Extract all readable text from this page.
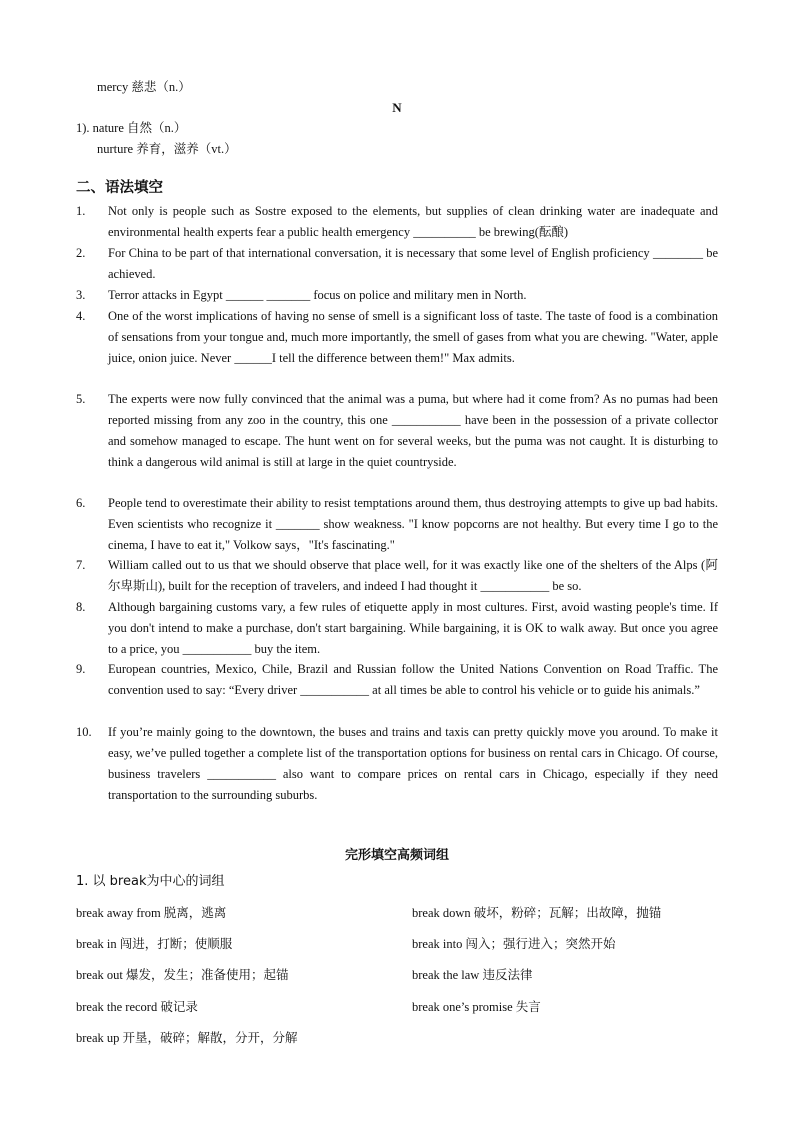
mercy 慈悲（n.）
N
1). nature 自然（n.）
nurture 养育，滋养（vt.）
二、语法填空
1. Not only is people such as Sostre exposed to the elements, but supplies of clean drinking water are inadequate and environmental health experts fear a public health emergency __________ be brewing(酝酿)
2. For China to be part of that international conversation, it is necessary that some level of English proficiency ________ be achieved.
3. Terror attacks in Egypt ______ _______ focus on police and military men in North.
4. One of the worst implications of having no sense of smell is a significant loss of taste. The taste of food is a combination of sensations from your tongue and, much more importantly, the smell of gases from what you are chewing. "Water, apple juice, onion juice. Never ______I tell the difference between them!" Max admits.
5. The experts were now fully convinced that the animal was a puma, but where had it come from? As no pumas had been reported missing from any zoo in the country, this one ___________ have been in the possession of a private collector and somehow managed to escape. The hunt went on for several weeks, but the puma was not caught. It is disturbing to think a dangerous wild animal is still at large in the quiet countryside.
6. People tend to overestimate their ability to resist temptations around them, thus destroying attempts to give up bad habits. Even scientists who recognize it _______ show weakness. "I know popcorns are not healthy. But every time I go to the cinema, I have to eat it," Volkow says，"It's fascinating."
7. William called out to us that we should observe that place well, for it was exactly like one of the shelters of the Alps (阿尔卑斯山), built for the reception of travelers, and indeed I had thought it ___________ be so.
8. Although bargaining customs vary, a few rules of etiquette apply in most cultures. First, avoid wasting people's time. If you don't intend to make a purchase, don't start bargaining. While bargaining, it is OK to walk away. But once you agree to a price, you ___________ buy the item.
9. European countries, Mexico, Chile, Brazil and Russian follow the United Nations Convention on Road Traffic. The convention used to say: “Every driver ___________ at all times be able to control his vehicle or to guide his animals.”
10. If you’re mainly going to the downtown, the buses and trains and taxis can pretty quickly move you around. To make it easy, we’ve pulled together a complete list of the transportation options for business on rental cars in Chicago. Of course, business travelers ___________ also want to compare prices on rental cars in Chicago, especially if they need transportation to the surrounding suburbs.
完形填空高频词组
1. 以 break为中心的词组
break away from 脱离，逃离
break in 闯进，打断；使顺服
break out 爆发，发生；准备使用；起锚
break the record 破记录
break up 开垦，破碎；解散，分开，分解
break down 破坏，粉碎；瓦解；出故障，抛锚
break into 闯入；强行进入；突然开始
break the law 违反法律
break one’s promise 失言
